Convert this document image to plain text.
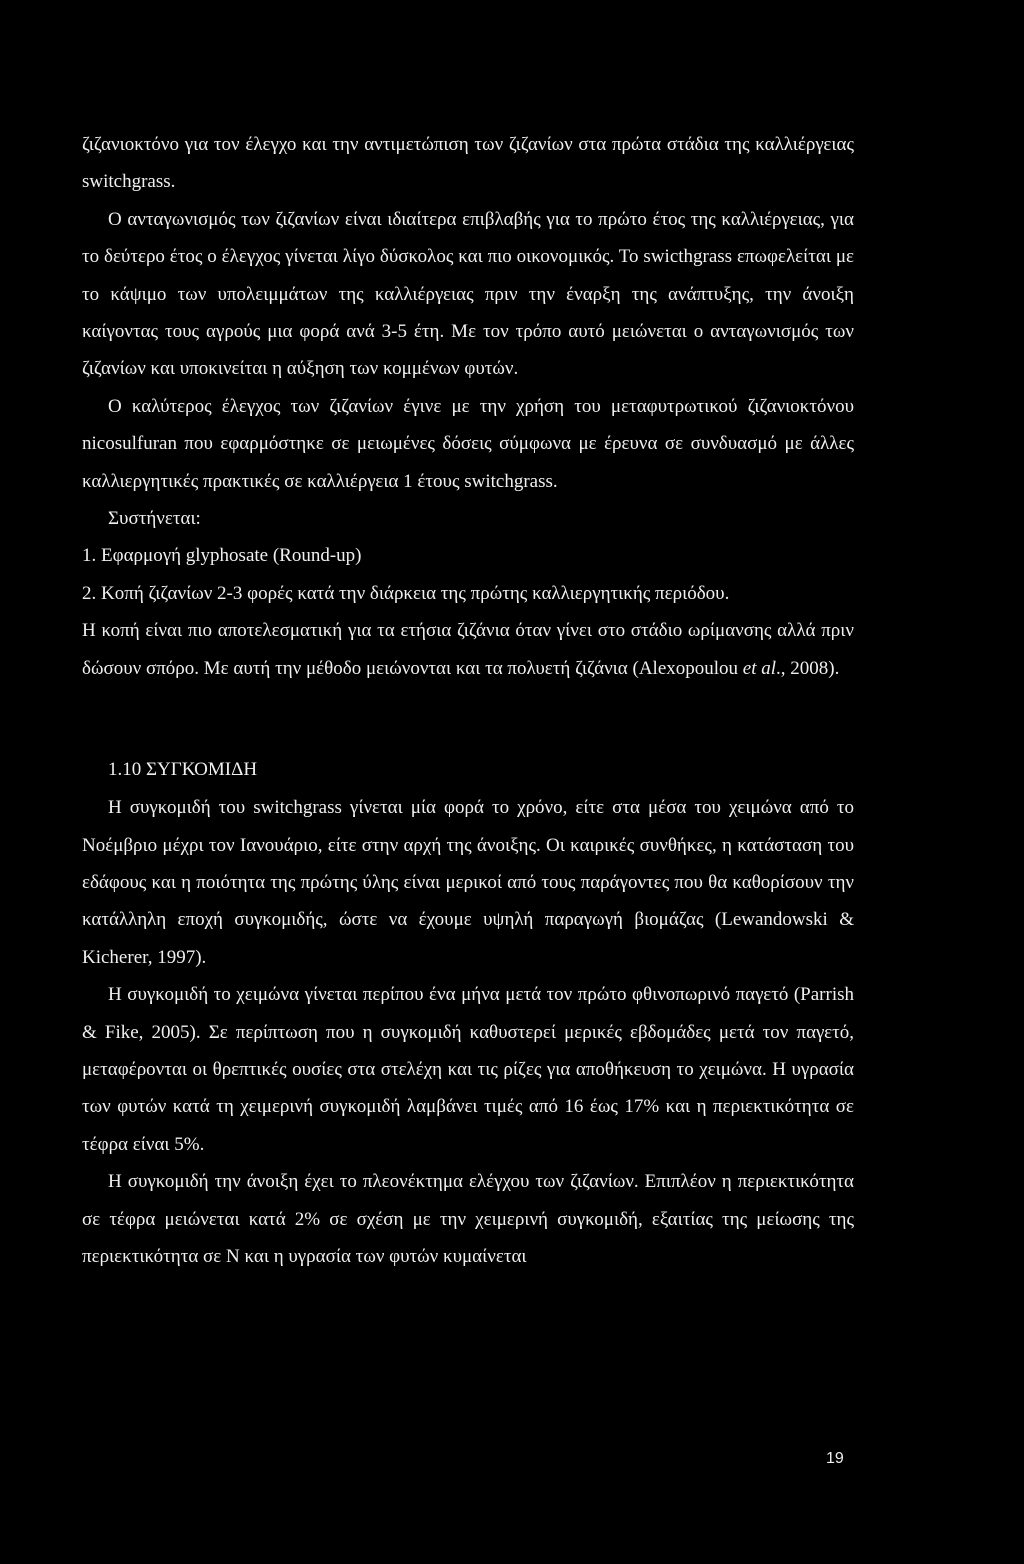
ζιζανιοκτόνο για τον έλεγχο και την αντιμετώπιση των ζιζανίων στα πρώτα στάδια της καλλιέργειας switchgrass.

Ο ανταγωνισμός των ζιζανίων είναι ιδιαίτερα επιβλαβής για το πρώτο έτος της καλλιέργειας, για το δεύτερο έτος ο έλεγχος γίνεται λίγο δύσκολος και πιο οικονομικός. Το swicthgrass επωφελείται με το κάψιμο των υπολειμμάτων της καλλιέργειας πριν την έναρξη της ανάπτυξης, την άνοιξη καίγοντας τους αγρούς μια φορά ανά 3-5 έτη. Με τον τρόπο αυτό μειώνεται ο ανταγωνισμός των ζιζανίων και υποκινείται η αύξηση των κομμένων φυτών.

Ο καλύτερος έλεγχος των ζιζανίων έγινε με την χρήση του μεταφυτρωτικού ζιζανιοκτόνου nicosulfuran που εφαρμόστηκε σε μειωμένες δόσεις σύμφωνα με έρευνα σε συνδυασμό με άλλες καλλιεργητικές πρακτικές σε καλλιέργεια 1 έτους switchgrass.

Συστήνεται:

1. Εφαρμογή glyphosate (Round-up)

2. Κοπή ζιζανίων 2-3 φορές κατά την διάρκεια της πρώτης καλλιεργητικής περιόδου.

Η κοπή είναι πιο αποτελεσματική για τα ετήσια ζιζάνια όταν γίνει στο στάδιο ωρίμανσης αλλά πριν δώσουν σπόρο. Με αυτή την μέθοδο μειώνονται και τα πολυετή ζιζάνια (Alexopoulou et al., 2008).

1.10 ΣΥΓΚΟΜΙΔΗ

Η συγκομιδή του switchgrass γίνεται μία φορά το χρόνο, είτε στα μέσα του χειμώνα από το Νοέμβριο μέχρι τον Ιανουάριο, είτε στην αρχή της άνοιξης. Οι καιρικές συνθήκες, η κατάσταση του εδάφους και η ποιότητα της πρώτης ύλης είναι μερικοί από τους παράγοντες που θα καθορίσουν την κατάλληλη εποχή συγκομιδής, ώστε να έχουμε υψηλή παραγωγή βιομάζας (Lewandowski & Kicherer, 1997).

Η συγκομιδή το χειμώνα γίνεται περίπου ένα μήνα μετά τον πρώτο φθινοπωρινό παγετό (Parrish & Fike, 2005). Σε περίπτωση που η συγκομιδή καθυστερεί μερικές εβδομάδες μετά τον παγετό, μεταφέρονται οι θρεπτικές ουσίες στα στελέχη και τις ρίζες για αποθήκευση το χειμώνα. Η υγρασία των φυτών κατά τη χειμερινή συγκομιδή λαμβάνει τιμές από 16 έως 17% και η περιεκτικότητα σε τέφρα είναι 5%.

Η συγκομιδή την άνοιξη έχει το πλεονέκτημα ελέγχου των ζιζανίων. Επιπλέον η περιεκτικότητα σε τέφρα μειώνεται κατά 2% σε σχέση με την χειμερινή συγκομιδή, εξαιτίας της μείωσης της περιεκτικότητα σε Ν και η υγρασία των φυτών κυμαίνεται

19
